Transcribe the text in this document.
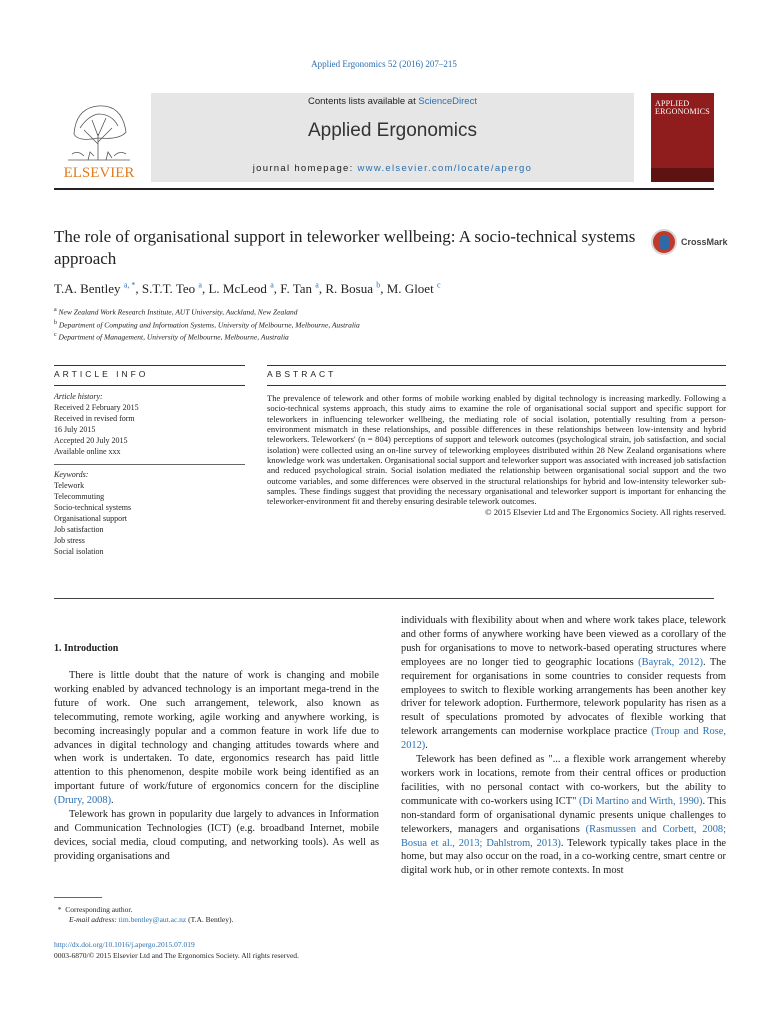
Applied Ergonomics 52 (2016) 207–215
ELSEVIER
Contents lists available at ScienceDirect
Applied Ergonomics
journal homepage: www.elsevier.com/locate/apergo
APPLIED
ERGONOMICS
The role of organisational support in teleworker wellbeing: A socio-technical systems approach
CrossMark
T.A. Bentley $^{a, *}$, S.T.T. Teo $^a$, L. McLeod $^a$, F. Tan $^a$, R. Bosua $^b$, M. Gloet $^c$
$^a$ New Zealand Work Research Institute, AUT University, Auckland, New Zealand
$^b$ Department of Computing and Information Systems, University of Melbourne, Melbourne, Australia
$^c$ Department of Management, University of Melbourne, Melbourne, Australia
ARTICLE INFO	ABSTRACT
Article history:
Received 2 February 2015
Received in revised form
16 July 2015
Accepted 20 July 2015
Available online xxx
Keywords:
Telework
Telecommuting
Socio-technical systems
Organisational support
Job satisfaction
Job stress
Social isolation
The prevalence of telework and other forms of mobile working enabled by digital technology is increasing markedly. Following a socio-technical systems approach, this study aims to examine the role of organisational social support and specific support for teleworkers in influencing teleworker wellbeing, the mediating role of social isolation, potentially resulting from a person-environment mismatch in these relationships, and possible differences in these relationships between low-intensity and hybrid teleworkers. Teleworkers' (n = 804) perceptions of support and telework outcomes (psychological strain, job satisfaction, and social isolation) were collected using an on-line survey of teleworking employees distributed within 28 New Zealand organisations where knowledge work was undertaken. Organisational social support and teleworker support was associated with increased job satisfaction and reduced psychological strain. Social isolation mediated the relationship between organisational social support and the two outcome variables, and some differences were observed in the structural relationships for hybrid and low-intensity teleworker sub-samples. These findings suggest that providing the necessary organisational and teleworker support is important for enhancing the teleworker-environment fit and thereby ensuring desirable telework outcomes.
© 2015 Elsevier Ltd and The Ergonomics Society. All rights reserved.
1. Introduction

There is little doubt that the nature of work is changing and mobile working enabled by advanced technology is an important mega-trend in the future of work. One such arrangement, telework, also known as telecommuting, remote working, agile working and anywhere working, is becoming increasingly popular and a common feature in work life due to advances in digital technology and changing attitudes towards where and when work is undertaken. To date, ergonomics research has paid little attention to this phenomenon, despite mobile work being identified as an important future of work/future of ergonomics concern for the discipline (Drury, 2008).

Telework has grown in popularity due largely to advances in Information and Communication Technologies (ICT) (e.g. broadband Internet, mobile devices, social media, cloud computing, and networking tools). As well as providing organisations and

individuals with flexibility about when and where work takes place, telework and other forms of anywhere working have been viewed as a corollary of the push for organisations to move to network-based operating structures where employees are no longer tied to geographic locations (Bayrak, 2012). The requirement for organisations in some countries to consider requests from employees to switch to flexible working arrangements has been another key driver for telework adoption. Furthermore, telework popularity has risen as a result of speculations promoted by advocates of flexible working that telework arrangements can modernise workplace practice (Troup and Rose, 2012).

Telework has been defined as "... a flexible work arrangement whereby workers work in locations, remote from their central offices or production facilities, with no personal contact with co-workers, but the ability to communicate with co-workers using ICT" (Di Martino and Wirth, 1990). This non-standard form of organisational dynamic presents unique challenges to teleworkers, managers and organisations (Rasmussen and Corbett, 2008; Bosua et al., 2013; Dahlstrom, 2013). Telework typically takes place in the home, but may also occur on the road, in a co-working centre, smart centre or digital work hub, or in other remote contexts. In most

* Corresponding author.
E-mail address: tim.bentley@aut.ac.nz (T.A. Bentley).
http://dx.doi.org/10.1016/j.apergo.2015.07.019
0003-6870/© 2015 Elsevier Ltd and The Ergonomics Society. All rights reserved.
